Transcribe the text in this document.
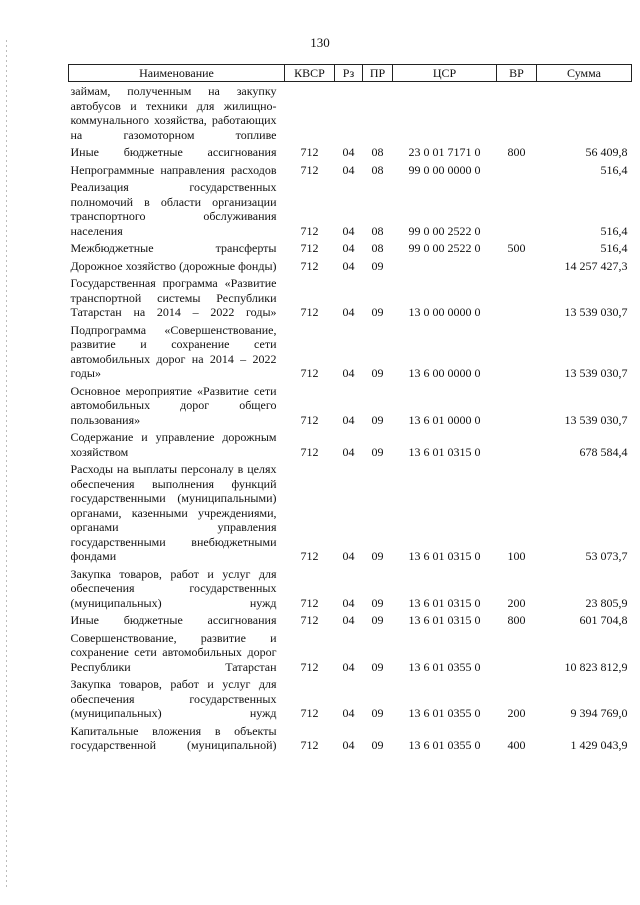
130
Наименование	КВСР	Рз	ПР	ЦСР	ВР	Сумма
займам, полученным на закупку автобусов и техники для жилищно-коммунального хозяйства, работающих на газомоторном топливе						
Иные бюджетные ассигнования	712	04	08	23 0 01 7171 0	800	56 409,8
Непрограммные направления расходов	712	04	08	99 0 00 0000 0		516,4
Реализация государственных полномочий в области организации транспортного обслуживания населения	712	04	08	99 0 00 2522 0		516,4
Межбюджетные трансферты	712	04	08	99 0 00 2522 0	500	516,4
Дорожное хозяйство (дорожные фонды)	712	04	09			14 257 427,3
Государственная программа «Развитие транспортной системы Республики Татарстан на 2014 – 2022 годы»	712	04	09	13 0 00 0000 0		13 539 030,7
Подпрограмма «Совершенствование, развитие и сохранение сети автомобильных дорог на 2014 – 2022 годы»	712	04	09	13 6 00 0000 0		13 539 030,7
Основное мероприятие «Развитие сети автомобильных дорог общего пользования»	712	04	09	13 6 01 0000 0		13 539 030,7
Содержание и управление дорожным хозяйством	712	04	09	13 6 01 0315 0		678 584,4
Расходы на выплаты персоналу в целях обеспечения выполнения функций государственными (муниципальными) органами, казенными учреждениями, органами управления государственными внебюджетными фондами	712	04	09	13 6 01 0315 0	100	53 073,7
Закупка товаров, работ и услуг для обеспечения государственных (муниципальных) нужд	712	04	09	13 6 01 0315 0	200	23 805,9
Иные бюджетные ассигнования	712	04	09	13 6 01 0315 0	800	601 704,8
Совершенствование, развитие и сохранение сети автомобильных дорог Республики Татарстан	712	04	09	13 6 01 0355 0		10 823 812,9
Закупка товаров, работ и услуг для обеспечения государственных (муниципальных) нужд	712	04	09	13 6 01 0355 0	200	9 394 769,0
Капитальные вложения в объекты государственной (муниципальной)	712	04	09	13 6 01 0355 0	400	1 429 043,9
